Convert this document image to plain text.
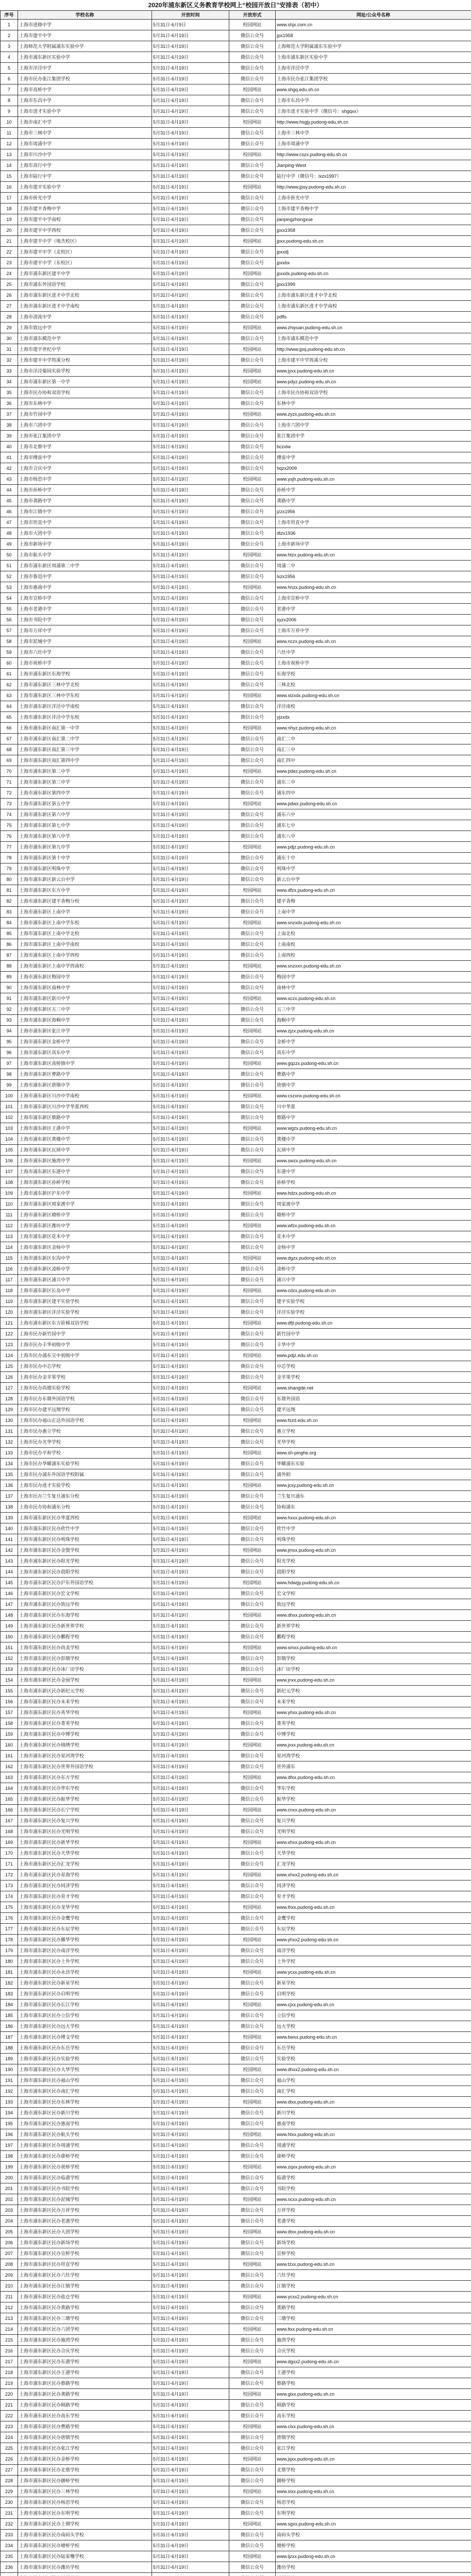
2020年浦东新区义务教育学校网上“校园开放日”安排表（初中）
序号	学校名称	开放时间	开放形式	网址/公众号名称
1	上海市进修中学	5月31日-6月9日	校园网站	www.shjx.com.cn
2	上海市建平中学	5月31日-6月19日	微信公众号	jpx1958
3	上海师范大学附属浦东实验中学	5月31日-6月19日	微信公众号	上海师范大学附属浦东实验中学
4	上海市浦东新区实验中学	5月31日-6月19日	微信公众号	上海市浦东新区实验中学
5	上海市洋泾中学	5月31日-6月19日	微信公众号	上海市洋泾中学
6	上海市民办张江集团学校	5月31日-6月19日	微信公众号	上海市民办张江集团学校
7	上海市高桥中学	5月31日-6月19日	校园网站	www.shgq.edu.sh.cn
8	上海市东昌中学	5月31日-6月19日	微信公众号	上海市东昌中学
9	上海市进才实验中学	5月31日-6月19日	微信公众号	上海市进才实验中学（微信号：shgqxx）
10	上海市南汇中学	5月31日-6月19日	校园网站	http://www.hsgjy.pudong-edu.sh.cn
11	上海市三林中学	5月31日-6月19日	微信公众号	上海市三林中学
12	上海市周浦中学	5月31日-6月19日	微信公众号	上海市周浦中学
13	上海市川沙中学	5月31日-6月19日	校园网站	http://www.cszx.pudong-edu.sh.cn
14	上海市高行中学	5月31日-6月19日	微信公众号	Jianping-West
15	上海市陆行中学	5月31日-6月19日	微信公众号	陆行中学（微信号：lxzx1997）
16	上海市建平实验中学	5月31日-6月19日	校园网站	http://www.jpsy.pudong-edu.sh.cn
17	上海市侨光中学	5月31日-6月19日	微信公众号	上海市侨光中学
18	上海市建平香梅中学	5月31日-6月19日	微信公众号	上海市建平香梅中学
19	上海市建平中学南校	5月31日-6月19日	微信公众号	jianpingzhongxue
20	上海市建平中学西校	5月31日-6月19日	微信公众号	jpxx1958
21	上海市建平中学（地杰校区）	5月31日-6月19日	校园网站	jpxx.pudong-edu.sh.cn
22	上海市建平中学（北校区）	5月31日-6月19日	微信公众号	jpxxdj
23	上海市建平中学（东校区）	5月31日-6月19日	微信公众号	jpxxbx
24	上海市浦东新区建平中学	5月31日-6月19日	校园网站	jpxxdx.pudong-edu.sh.cn
25	上海市浦东外国语学校	5月31日-6月19日	微信公众号	jpxx1999
26	上海市浦东新区进才中学北校	5月31日-6月19日	微信公众号	上海市浦东新区进才中学北校
27	上海市浦东新区进才中学南校	5月31日-6月19日	微信公众号	上海市浦东新区进才中学南校
28	上海市清流中学	5月31日-6月19日	微信公众号	pdfls
29	上海市致远中学	5月31日-6月19日	校园网站	www.zhiyuan.pudong-edu.sh.cn
30	上海市浦东模范中学	5月31日-6月19日	微信公众号	上海市浦东模范中学
31	上海市建平世纪中学	5月31日-6月19日	校园网站	http://www.jpsj.pudong-edu.sh.cn
32	上海市建平中学筠溪分校	5月31日-6月19日	微信公众号	上海市建平中学筠溪分校
33	上海市洋泾菊园实验学校	5月31日-6月19日	校园网站	www.jyxx.pudong-edu.sh.cn
34	上海市浦东新区第一中学	5月31日-6月19日	校园网站	www.pdyz.pudong-edu.sh.cn
35	上海市民办协和双语学校	5月31日-6月19日	微信公众号	上海市民办协和双语学校
36	上海市东林中学	5月31日-6月19日	微信公众号	东林中学
37	上海市竹园中学	5月31日-6月19日	校园网站	www.zyzx.pudong-edu.sh.cn
38	上海市六团中学	5月31日-6月19日	微信公众号	上海市六团中学
39	上海市张江集团中学	5月31日-6月19日	微信公众号	张江集团中学
40	上海市北蔡中学	5月31日-6月19日	微信公众号	bczxlw
41	上海市傅雷中学	5月31日-6月19日	微信公众号	傅雷中学
42	上海市合庆中学	5月31日-6月19日	微信公众号	hqzx2009
43	上海市杨思中学	5月31日-6月19日	校园网站	www.ysjh.pudong-edu.sh.cn
44	上海市孙桥中学	5月31日-6月19日	微信公众号	孙桥中学
45	上海市龚路中学	5月31日-6月19日	微信公众号	龚路中学
46	上海市江镇中学	5月31日-6月19日	微信公众号	jzzx1956
47	上海市坦直中学	5月31日-6月19日	微信公众号	上海市坦直中学
48	上海市大团中学	5月31日-6月19日	微信公众号	dtzx1936
49	上海市新场中学	5月31日-6月19日	微信公众号	上海市新场中学
50	上海市航头中学	5月31日-6月19日	校园网站	www.htzx.pudong-edu.sh.cn
51	上海市浦东新区周浦第二中学	5月31日-6月19日	微信公众号	周浦二中
52	上海市鲁迅中学	5月31日-6月19日	微信公众号	lxzx1956
53	上海市惠南中学	5月31日-6月19日	校园网站	www.hnzx.pudong-edu.sh.cn
54	上海市宣桥中学	5月31日-6月19日	微信公众号	上海市宣桥中学
55	上海市老港中学	5月31日-6月19日	微信公众号	老港中学
56	上海市书院中学	5月31日-6月19日	微信公众号	syzx2006
57	上海市万祥中学	5月31日-6月19日	微信公众号	上海市万祥中学
58	上海市泥城中学	5月31日-6月19日	校园网站	www.nczx.pudong-edu.sh.cn
59	上海市六灶中学	5月31日-6月19日	微信公众号	六灶中学
60	上海市祝桥中学	5月31日-6月19日	微信公众号	上海市祝桥中学
61	上海市浦东新区东海学校	5月31日-6月19日	微信公众号	东海学校
62	上海市浦东新区三林中学北校	5月31日-6月19日	微信公众号	三林北校
63	上海市浦东新区三林中学东校	5月31日-6月19日	校园网站	www.slzxdx.pudong-edu.sh.cn
64	上海市浦东新区洋泾中学南校	5月31日-6月19日	微信公众号	洋泾南校
65	上海市浦东新区洋泾中学东校	5月31日-6月19日	微信公众号	yjzxdx
66	上海市浦东新区南汇第一中学	5月31日-6月19日	校园网站	www.nhyz.pudong-edu.sh.cn
67	上海市浦东新区南汇第二中学	5月31日-6月19日	微信公众号	南汇二中
68	上海市浦东新区南汇第三中学	5月31日-6月19日	微信公众号	南汇三中
69	上海市浦东新区南汇第四中学	5月31日-6月19日	微信公众号	南汇四中
70	上海市浦东新区第二中学	5月31日-6月19日	校园网站	www.pdez.pudong-edu.sh.cn
71	上海市浦东新区第三中学	5月31日-6月19日	微信公众号	浦东三中
72	上海市浦东新区第四中学	5月31日-6月19日	微信公众号	浦东四中
73	上海市浦东新区第五中学	5月31日-6月19日	校园网站	www.pdwz.pudong-edu.sh.cn
74	上海市浦东新区第六中学	5月31日-6月19日	微信公众号	浦东六中
75	上海市浦东新区第七中学	5月31日-6月19日	微信公众号	浦东七中
76	上海市浦东新区第八中学	5月31日-6月19日	微信公众号	浦东八中
77	上海市浦东新区第九中学	5月31日-6月19日	校园网站	www.pdjz.pudong-edu.sh.cn
78	上海市浦东新区第十中学	5月31日-6月19日	微信公众号	浦东十中
79	上海市浦东新区明珠中学	5月31日-6月19日	微信公众号	明珠中学
80	上海市浦东新区新云台中学	5月31日-6月19日	微信公众号	新云台中学
81	上海市浦东新区东方中学	5月31日-6月19日	校园网站	www.dfzx.pudong-edu.sh.cn
82	上海市浦东新区建平香梅分校	5月31日-6月19日	微信公众号	建平香梅
83	上海市浦东新区上南中学	5月31日-6月19日	微信公众号	上南中学
84	上海市浦东新区上南中学东校	5月31日-6月19日	校园网站	www.snzxdx.pudong-edu.sh.cn
85	上海市浦东新区上南中学北校	5月31日-6月19日	微信公众号	上南北校
86	上海市浦东新区上南中学南校	5月31日-6月19日	微信公众号	上南南校
87	上海市浦东新区上南中学西校	5月31日-6月19日	微信公众号	上南西校
88	上海市浦东新区上南中学西南校	5月31日-6月19日	校园网站	www.snzxxn.pudong-edu.sh.cn
89	上海市浦东新区梅园中学	5月31日-6月19日	微信公众号	梅园中学
90	上海市浦东新区南林中学	5月31日-6月19日	微信公众号	南林中学
91	上海市浦东新区新川中学	5月31日-6月19日	校园网站	www.xczx.pudong-edu.sh.cn
92	上海市浦东新区五三中学	5月31日-6月19日	微信公众号	五三中学
93	上海市浦东新区海桐中学	5月31日-6月19日	微信公众号	海桐中学
94	上海市浦东新区张江中学	5月31日-6月19日	校园网站	www.zjzx.pudong-edu.sh.cn
95	上海市浦东新区金桥中学	5月31日-6月19日	微信公众号	金桥中学
96	上海市浦东新区高东中学	5月31日-6月19日	微信公众号	高东中学
97	上海市浦东新区高桥镇中学	5月31日-6月19日	校园网站	www.gqzzx.pudong-edu.sh.cn
98	上海市浦东新区曹路中学	5月31日-6月19日	微信公众号	曹路中学
99	上海市浦东新区唐镇中学	5月31日-6月19日	微信公众号	唐镇中学
100	上海市浦东新区川沙中学南校	5月31日-6月19日	校园网站	www.cszxnx.pudong-edu.sh.cn
101	上海市浦东新区川沙中学华夏西校	5月31日-6月19日	微信公众号	川中华夏
102	上海市浦东新区蔡路中学	5月31日-6月19日	微信公众号	蔡路中学
103	上海市浦东新区王港中学	5月31日-6月19日	校园网站	www.wgzx.pudong-edu.sh.cn
104	上海市浦东新区黄楼中学	5月31日-6月19日	微信公众号	黄楼中学
105	上海市浦东新区瓦屑中学	5月31日-6月19日	微信公众号	瓦屑中学
106	上海市浦东新区施湾中学	5月31日-6月19日	校园网站	www.swzx.pudong-edu.sh.cn
107	上海市浦东新区东港中学	5月31日-6月19日	微信公众号	东港中学
108	上海市浦东新区孙桥学校	5月31日-6月19日	微信公众号	孙桥学校
109	上海市浦东新区沪东中学	5月31日-6月19日	校园网站	www.hdzx.pudong-edu.sh.cn
110	上海市浦东新区周家渡中学	5月31日-6月19日	微信公众号	周家渡中学
111	上海市浦东新区塘桥中学	5月31日-6月19日	微信公众号	塘桥中学
112	上海市浦东新区潍坊中学	5月31日-6月19日	校园网站	www.wfzx.pudong-edu.sh.cn
113	上海市浦东新区花木中学	5月31日-6月19日	微信公众号	花木中学
114	上海市浦东新区金杨中学	5月31日-6月19日	微信公众号	金杨中学
115	上海市浦东新区东沟中学	5月31日-6月19日	校园网站	www.dgzx.pudong-edu.sh.cn
116	上海市浦东新区凌桥中学	5月31日-6月19日	微信公众号	凌桥中学
117	上海市浦东新区浦兴中学	5月31日-6月19日	微信公众号	浦兴中学
118	上海市浦东新区长岛中学	5月31日-6月19日	校园网站	www.cdzx.pudong-edu.sh.cn
119	上海市浦东新区建平实验学校	5月31日-6月19日	微信公众号	建平实验学校
120	上海市浦东新区洋泾实验学校	5月31日-6月19日	微信公众号	洋泾实验学校
121	上海市浦东新区东方阶梯双语学校	5月31日-6月19日	校园网站	www.dfjt.pudong-edu.sh.cn
122	上海市民办新竹园中学	5月31日-6月19日	微信公众号	新竹园中学
123	上海市民办丰华初级中学	5月31日-6月19日	微信公众号	丰华中学
124	上海市民办浦东交中初级中学	5月31日-6月19日	校园网站	www.pdjz.edu.sh.cn
125	上海市民办中芯学校	5月31日-6月19日	微信公众号	中芯学校
126	上海市民办金苹果学校	5月31日-6月19日	微信公众号	金苹果学校
127	上海市民办尚德实验学校	5月31日-6月19日	校园网站	www.shangde.net
128	上海市民办东鼎外国语学校	5月31日-6月19日	微信公众号	东鼎外国语
129	上海市民办建平远翔学校	5月31日-6月19日	微信公众号	建平远翔
130	上海市民办福山正达外国语学校	5月31日-6月19日	校园网站	www.fszd.edu.sh.cn
131	上海市民办惠立学校	5月31日-6月19日	微信公众号	惠立学校
132	上海市民办光华学校	5月31日-6月19日	微信公众号	光华学校
133	上海市民办平和学校	5月31日-6月19日	校园网站	www.sh-pinghe.org
134	上海市民办华曜浦东实验学校	5月31日-6月19日	微信公众号	华曜浦东实验
135	上海市民办浦东外国语学校附属	5月31日-6月19日	微信公众号	浦外附
136	上海市民办进才实验学校	5月31日-6月19日	校园网站	www.jcsy.pudong-edu.sh.cn
137	上海市民办兰生复旦浦东分校	5月31日-6月19日	微信公众号	兰生复旦浦东
138	上海市民办协和浦东分校	5月31日-6月19日	微信公众号	协和浦东
139	上海市浦东新区民办华夏西校	5月31日-6月19日	校园网站	www.hxxx.pudong-edu.sh.cn
140	上海市浦东新区民办欣竹中学	5月31日-6月19日	微信公众号	欣竹中学
141	上海市浦东新区民办明珠学校	5月31日-6月19日	微信公众号	明珠学校
142	上海市浦东新区民办金盟学校	5月31日-6月19日	校园网站	www.jmxx.pudong-edu.sh.cn
143	上海市浦东新区民办阳光学校	5月31日-6月19日	微信公众号	阳光学校
144	上海市浦东新区民办晨阳学校	5月31日-6月19日	微信公众号	晨阳学校
145	上海市浦东新区民办沪东外国语学校	5月31日-6月19日	校园网站	www.hdwgy.pudong-edu.sh.cn
146	上海市浦东新区民办宏文学校	5月31日-6月19日	微信公众号	宏文学校
147	上海市浦东新区民办致远学校	5月31日-6月19日	微信公众号	致远学校
148	上海市浦东新区民办东海学校	5月31日-6月19日	校园网站	www.dhxx.pudong-edu.sh.cn
149	上海市浦东新区民办新世界学校	5月31日-6月19日	微信公众号	新世界学校
150	上海市浦东新区民办鹏程学校	5月31日-6月19日	微信公众号	鹏程学校
151	上海市浦东新区民办尚美学校	5月31日-6月19日	校园网站	www.smxx.pudong-edu.sh.cn
152	上海市浦东新区民办彭镇学校	5月31日-6月19日	微信公众号	彭镇学校
153	上海市浦东新区民办冰厂田学校	5月31日-6月19日	微信公众号	冰厂田学校
154	上海市浦东新区民办金囡学校	5月31日-6月19日	校园网站	www.jnxx.pudong-edu.sh.cn
155	上海市浦东新区民办新纪元学校	5月31日-6月19日	微信公众号	新纪元学校
156	上海市浦东新区民办未来学校	5月31日-6月19日	微信公众号	未来学校
157	上海市浦东新区民办英华学校	5月31日-6月19日	校园网站	www.yhxx.pudong-edu.sh.cn
158	上海市浦东新区民办菁英学校	5月31日-6月19日	微信公众号	菁英学校
159	上海市浦东新区民办中博学校	5月31日-6月19日	微信公众号	中博学校
160	上海市浦东新区民办锦绣学校	5月31日-6月19日	校园网站	www.jxxx.pudong-edu.sh.cn
161	上海市浦东新区民办星河湾学校	5月31日-6月19日	微信公众号	星河湾学校
162	上海市浦东新区民办世界外国语学校	5月31日-6月19日	微信公众号	世外浦东
163	上海市浦东新区民办东方学校	5月31日-6月19日	校园网站	www.dfxx.pudong-edu.sh.cn
164	上海市浦东新区民办华东学校	5月31日-6月19日	微信公众号	华东学校
165	上海市浦东新区民办振华学校	5月31日-6月19日	微信公众号	振华学校
166	上海市浦东新区民办长宁学校	5月31日-6月19日	校园网站	www.cnxx.pudong-edu.sh.cn
167	上海市浦东新区民办复兴学校	5月31日-6月19日	微信公众号	复兴学校
168	上海市浦东新区民办光明学校	5月31日-6月19日	微信公众号	光明学校
169	上海市浦东新区民办新华学校	5月31日-6月19日	校园网站	www.xhxx.pudong-edu.sh.cn
170	上海市浦东新区民办天华学校	5月31日-6月19日	微信公众号	天华学校
171	上海市浦东新区民办汇龙学校	5月31日-6月19日	微信公众号	汇龙学校
172	上海市浦东新区民办星海学校	5月31日-6月19日	校园网站	www.xhxx2.pudong-edu.sh.cn
173	上海市浦东新区民办同济学校	5月31日-6月19日	微信公众号	同济学校
174	上海市浦东新区民办育才学校	5月31日-6月19日	微信公众号	育才学校
175	上海市浦东新区民办龙华学校	5月31日-6月19日	校园网站	www.lhxx.pudong-edu.sh.cn
176	上海市浦东新区民办金鹰学校	5月31日-6月19日	微信公众号	金鹰学校
177	上海市浦东新区民办东辰学校	5月31日-6月19日	微信公众号	东辰学校
178	上海市浦东新区民办耀华学校	5月31日-6月19日	校园网站	www.yhxx2.pudong-edu.sh.cn
179	上海市浦东新区民办南洋学校	5月31日-6月19日	微信公众号	南洋学校
180	上海市浦东新区民办上外学校	5月31日-6月19日	微信公众号	上外学校
181	上海市浦东新区民办永昌学校	5月31日-6月19日	校园网站	www.ycxx.pudong-edu.sh.cn
182	上海市浦东新区民办新星学校	5月31日-6月19日	微信公众号	新星学校
183	上海市浦东新区民办启明学校	5月31日-6月19日	微信公众号	启明学校
184	上海市浦东新区民办长江学校	5月31日-6月19日	校园网站	www.cjxx.pudong-edu.sh.cn
185	上海市浦东新区民办立信学校	5月31日-6月19日	微信公众号	立信学校
186	上海市浦东新区民办远大学校	5月31日-6月19日	微信公众号	远大学校
187	上海市浦东新区民办博文学校	5月31日-6月19日	校园网站	www.bwxx.pudong-edu.sh.cn
188	上海市浦东新区民办东岳学校	5月31日-6月19日	微信公众号	东岳学校
189	上海市浦东新区民办实验学校	5月31日-6月19日	微信公众号	实验学校
190	上海市浦东新区民办大华学校	5月31日-6月19日	校园网站	www.dhxx2.pudong-edu.sh.cn
191	上海市浦东新区民办福山学校	5月31日-6月19日	微信公众号	福山学校
192	上海市浦东新区民办南汇学校	5月31日-6月19日	微信公众号	南汇学校
193	上海市浦东新区民办东林学校	5月31日-6月19日	校园网站	www.dlxx.pudong-edu.sh.cn
194	上海市浦东新区民办新川学校	5月31日-6月19日	微信公众号	新川学校
195	上海市浦东新区民办惠南学校	5月31日-6月19日	微信公众号	惠南学校
196	上海市浦东新区民办航头学校	5月31日-6月19日	校园网站	www.htxx.pudong-edu.sh.cn
197	上海市浦东新区民办周浦学校	5月31日-6月19日	微信公众号	周浦学校
198	上海市浦东新区民办康桥学校	5月31日-6月19日	微信公众号	康桥学校
199	上海市浦东新区民办祝桥学校	5月31日-6月19日	校园网站	www.zqxx.pudong-edu.sh.cn
200	上海市浦东新区民办临港学校	5月31日-6月19日	微信公众号	临港学校
201	上海市浦东新区民办书院学校	5月31日-6月19日	微信公众号	书院学校
202	上海市浦东新区民办泥城学校	5月31日-6月19日	校园网站	www.ncxx.pudong-edu.sh.cn
203	上海市浦东新区民办万祥学校	5月31日-6月19日	微信公众号	万祥学校
204	上海市浦东新区民办老港学校	5月31日-6月19日	微信公众号	老港学校
205	上海市浦东新区民办大团学校	5月31日-6月19日	校园网站	www.dtxx.pudong-edu.sh.cn
206	上海市浦东新区民办新场学校	5月31日-6月19日	微信公众号	新场学校
207	上海市浦东新区民办宣桥学校	5月31日-6月19日	微信公众号	宣桥学校
208	上海市浦东新区民办坦直学校	5月31日-6月19日	校园网站	www.tzxx.pudong-edu.sh.cn
209	上海市浦东新区民办六灶学校	5月31日-6月19日	微信公众号	六灶学校
210	上海市浦东新区民办江镇学校	5月31日-6月19日	微信公众号	江镇学校
211	上海市浦东新区民办盐仓学校	5月31日-6月19日	校园网站	www.ycxx2.pudong-edu.sh.cn
212	上海市浦东新区民办黄路学校	5月31日-6月19日	微信公众号	黄路学校
213	上海市浦东新区民办三墩学校	5月31日-6月19日	微信公众号	三墩学校
214	上海市浦东新区民办六团学校	5月31日-6月19日	校园网站	www.ltxx.pudong-edu.sh.cn
215	上海市浦东新区民办施湾学校	5月31日-6月19日	微信公众号	施湾学校
216	上海市浦东新区民办合庆学校	5月31日-6月19日	微信公众号	合庆学校
217	上海市浦东新区民办东港学校	5月31日-6月19日	校园网站	www.dgxx2.pudong-edu.sh.cn
218	上海市浦东新区民办王港学校	5月31日-6月19日	微信公众号	王港学校
219	上海市浦东新区民办蔡路学校	5月31日-6月19日	微信公众号	蔡路学校
220	上海市浦东新区民办龚路学校	5月31日-6月19日	校园网站	www.glxx.pudong-edu.sh.cn
221	上海市浦东新区民办顾路学校	5月31日-6月19日	微信公众号	顾路学校
222	上海市浦东新区民办高东学校	5月31日-6月19日	微信公众号	高东学校
223	上海市浦东新区民办曹路学校	5月31日-6月19日	校园网站	www.clxx.pudong-edu.sh.cn
224	上海市浦东新区民办唐镇学校	5月31日-6月19日	微信公众号	唐镇学校
225	上海市浦东新区民办张江学校	5月31日-6月19日	微信公众号	张江学校
226	上海市浦东新区民办金桥学校	5月31日-6月19日	校园网站	www.jqxx.pudong-edu.sh.cn
227	上海市浦东新区民办北蔡学校	5月31日-6月19日	微信公众号	北蔡学校
228	上海市浦东新区民办御桥学校	5月31日-6月19日	微信公众号	御桥学校
229	上海市浦东新区民办三林学校	5月31日-6月19日	校园网站	www.slxx.pudong-edu.sh.cn
230	上海市浦东新区民办杨思学校	5月31日-6月19日	微信公众号	杨思学校
231	上海市浦东新区民办东明学校	5月31日-6月19日	微信公众号	东明学校
232	上海市浦东新区民办上钢学校	5月31日-6月19日	校园网站	www.sgxx.pudong-edu.sh.cn
233	上海市浦东新区民办南码头学校	5月31日-6月19日	微信公众号	南码头学校
234	上海市浦东新区民办塘桥学校	5月31日-6月19日	微信公众号	塘桥学校
235	上海市浦东新区民办陆家嘴学校	5月31日-6月19日	校园网站	www.ljzxx.pudong-edu.sh.cn
236	上海市浦东新区民办潍坊学校	5月31日-6月19日	微信公众号	潍坊学校
